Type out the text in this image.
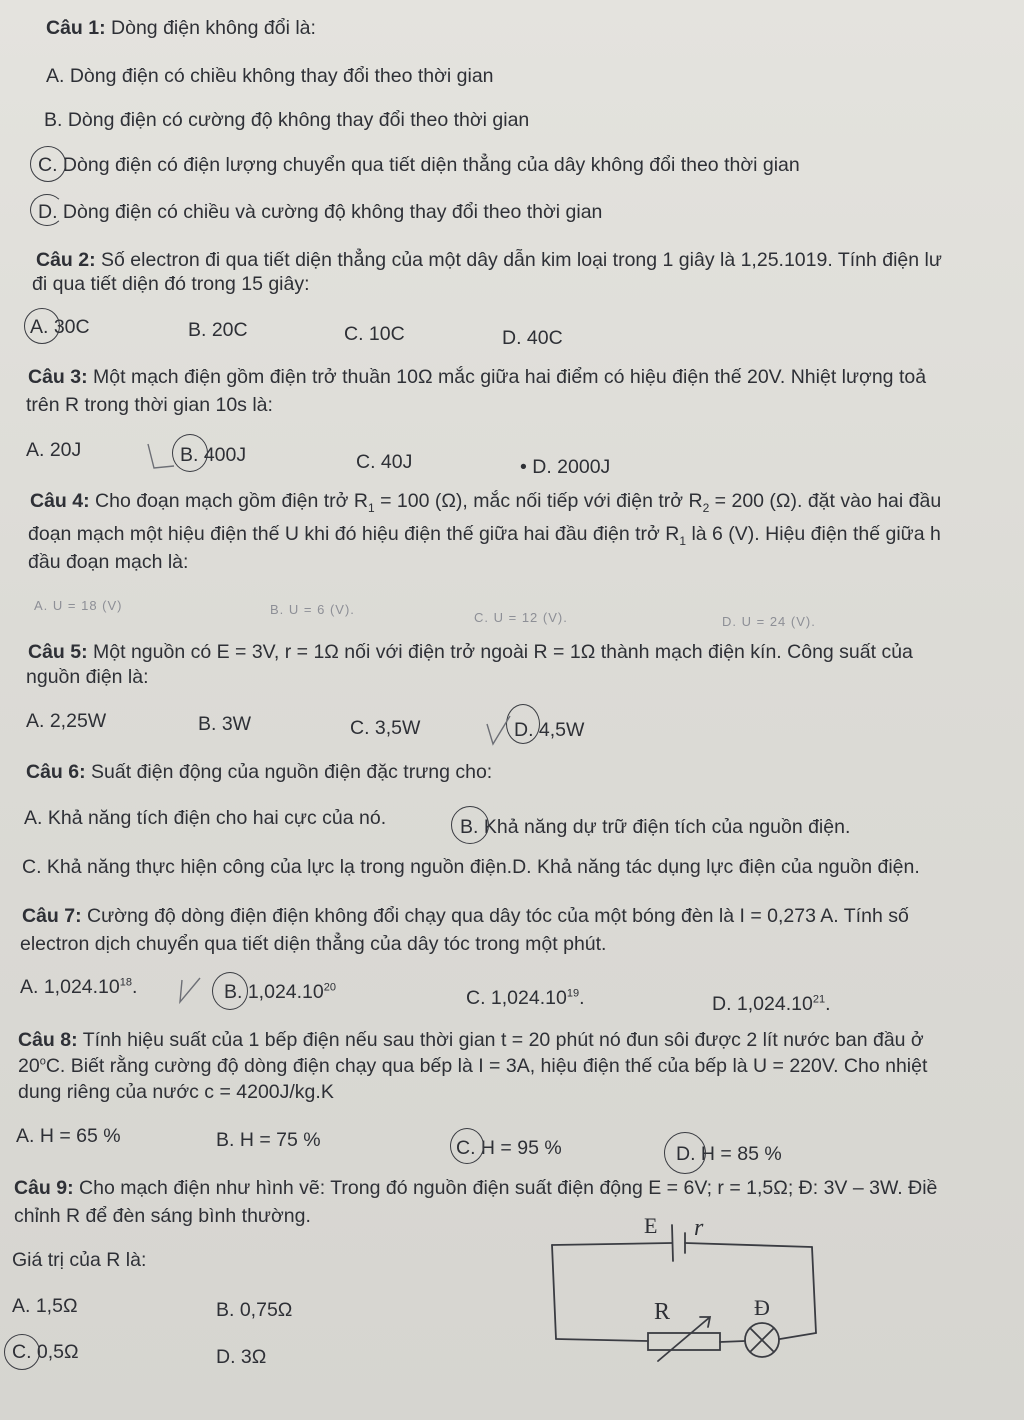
Câu 1: Dòng điện không đổi là:
A. Dòng điện có chiều không thay đổi theo thời gian
B. Dòng điện có cường độ không thay đổi theo thời gian
C. Dòng điện có điện lượng chuyển qua tiết diện thẳng của dây không đổi theo thời gian
D. Dòng điện có chiều và cường độ không thay đổi theo thời gian
Câu 2: Số electron đi qua tiết diện thẳng của một dây dẫn kim loại trong 1 giây là 1,25.1019. Tính điện lư
đi qua tiết diện đó trong 15 giây:
A. 30C	B. 20C	C. 10C	D. 40C
Câu 3: Một mạch điện gồm điện trở thuần 10Ω mắc giữa hai điểm có hiệu điện thế 20V. Nhiệt lượng toả
trên R trong thời gian 10s là:
A. 20J	B. 400J	C. 40J	• D. 2000J
Câu 4: Cho đoạn mạch gồm điện trở $R_1 = 100$ (Ω), mắc nối tiếp với điện trở $R_2 = 200$ (Ω). đặt vào hai đầu
đoạn mạch một hiệu điện thế U khi đó hiệu điện thế giữa hai đầu điện trở $R_1$ là 6 (V). Hiệu điện thế giữa h
đầu đoạn mạch là:
A. U = 18 (V)	B. U = 6 (V).
C. U = 12 (V).	D. U = 24 (V).
Câu 5: Một nguồn có E = 3V, r = 1Ω nối với điện trở ngoài R = 1Ω thành mạch điện kín. Công suất của
nguồn điện là:
A. 2,25W	B. 3W	C. 3,5W	D. 4,5W
Câu 6: Suất điện động của nguồn điện đặc trưng cho:
A. Khả năng tích điện cho hai cực của nó.	B. Khả năng dự trữ điện tích của nguồn điện.
C. Khả năng thực hiện công của lực lạ trong nguồn điện.D. Khả năng tác dụng lực điện của nguồn điện.
Câu 7: Cường độ dòng điện điện không đổi chạy qua dây tóc của một bóng đèn là I = 0,273 A. Tính số
electron dịch chuyển qua tiết diện thẳng của dây tóc trong một phút.
A. 1,024.10$^{18}$.	B. 1,024.10$^{20}$	C. 1,024.10$^{19}$.	D. 1,024.10$^{21}$.
Câu 8: Tính hiệu suất của 1 bếp điện nếu sau thời gian t = 20 phút nó đun sôi được 2 lít nước ban đầu ở
20$^o$C. Biết rằng cường độ dòng điện chạy qua bếp là I = 3A, hiệu điện thế của bếp là U = 220V. Cho nhiệt
dung riêng của nước c = 4200J/kg.K
A. H = 65 %	B. H = 75 %	C. H = 95 %	D. H = 85 %
Câu 9: Cho mạch điện như hình vẽ: Trong đó nguồn điện suất điện động E = 6V; r = 1,5Ω; Đ: 3V – 3W. Điề
chỉnh R để đèn sáng bình thường.
Giá trị của R là:
A. 1,5Ω	B. 0,75Ω
C. 0,5Ω	D. 3Ω
E r
R	Đ
